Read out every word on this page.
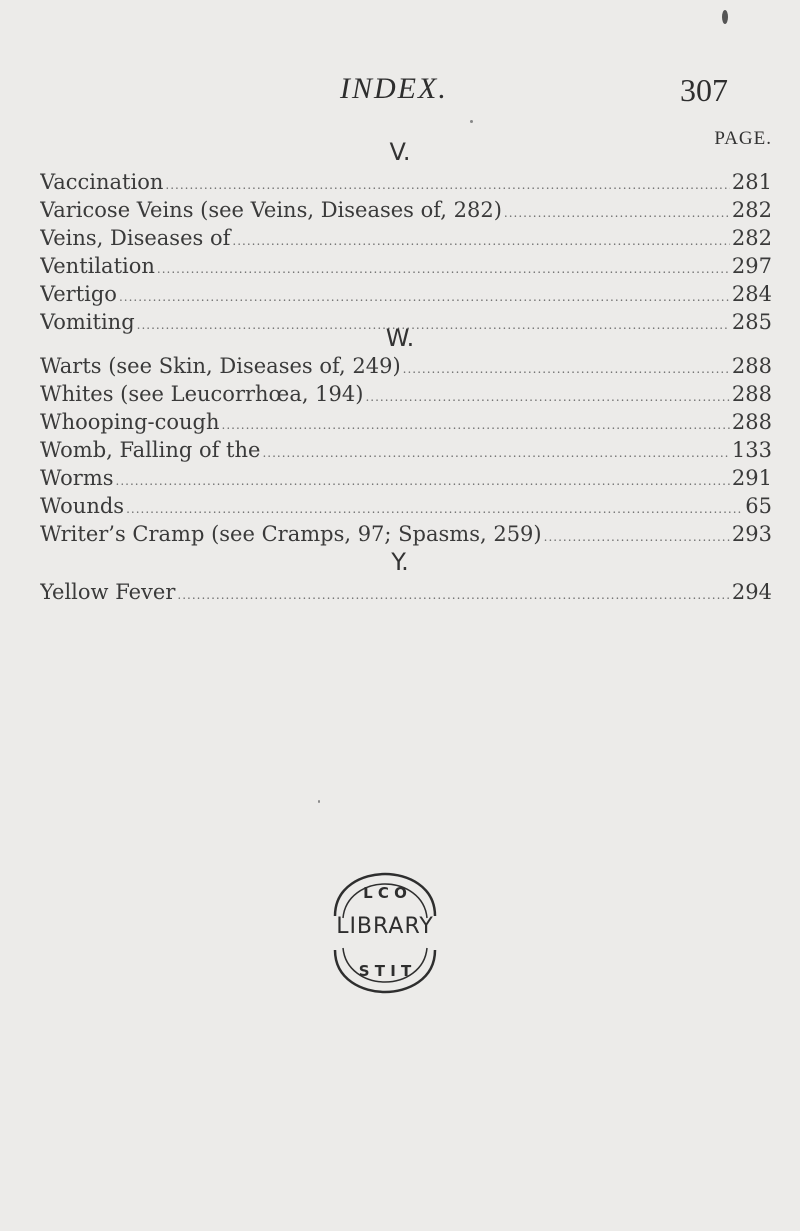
INDEX.	307
PAGE.
V.
Vaccination .....	281
Varicose Veins (see Veins, Diseases of, 282) .....	282
Veins, Diseases of .....	282
Ventilation .....	297
Vertigo .....	284
Vomiting .....	285
W.
Warts (see Skin, Diseases of, 249) .....	288
Whites (see Leucorrhœa, 194) .....	288
Whooping-cough .....	288
Womb, Falling of the .....	133
Worms .....	291
Wounds .....	65
Writer’s Cramp (see Cramps, 97; Spasms, 259) .....	293
Y.
Yellow Fever .....	294
L C O
S T I T
LIBRARY
